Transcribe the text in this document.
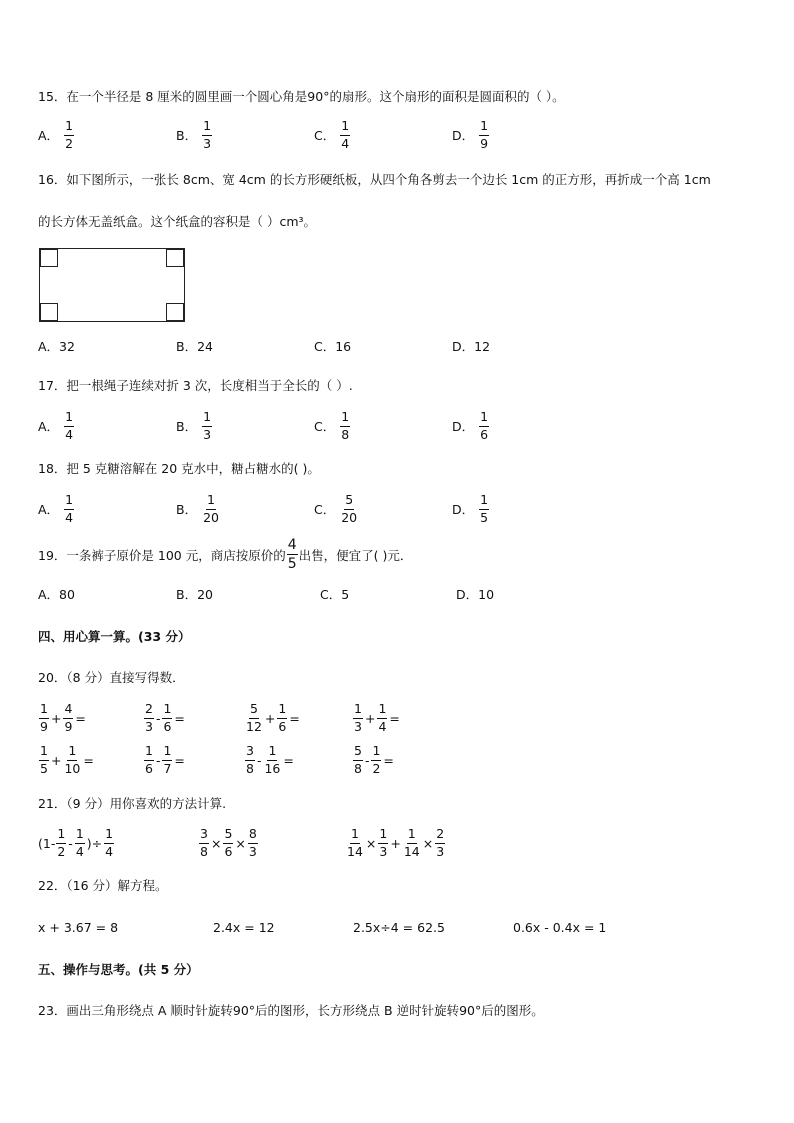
15．在一个半径是 8 厘米的圆里画一个圆心角是90°的扇形。这个扇形的面积是圆面积的（ ）。
A． $\frac{1}{2}$	B． $\frac{1}{3}$	C． $\frac{1}{4}$	D． $\frac{1}{9}$
16．如下图所示，一张长 8cm、宽 4cm 的长方形硬纸板，从四个角各剪去一个边长 1cm 的正方形，再折成一个高 1cm
的长方体无盖纸盒。这个纸盒的容积是（ ）cm³。
A．32	B．24	C．16	D．12
17．把一根绳子连续对折 3 次，长度相当于全长的（ ）.
A． $\frac{1}{4}$	B． $\frac{1}{3}$	C． $\frac{1}{8}$	D． $\frac{1}{6}$
18．把 5 克糖溶解在 20 克水中，糖占糖水的( )。
A． $\frac{1}{4}$	B． $\frac{1}{20}$	C． $\frac{5}{20}$	D． $\frac{1}{5}$
19．一条裤子原价是 100 元，商店按原价的 $\frac{4}{5}$ 出售，便宜了( )元．
A．80	B．20	C．5	D．10
四、用心算一算。(33 分）
20．（8 分）直接写得数．
$\frac{1}{9} + \frac{4}{9}$ =	$\frac{2}{3} - \frac{1}{6}$ =	$\frac{5}{12} + \frac{1}{6}$ =	$\frac{1}{3} + \frac{1}{4}$ =
$\frac{1}{5} + \frac{1}{10}$ =	$\frac{1}{6} - \frac{1}{7}$ =	$\frac{3}{8} - \frac{1}{16}$ =	$\frac{5}{8} - \frac{1}{2}$ =
21．（9 分）用你喜欢的方法计算.
($1- \frac{1}{2} - \frac{1}{4}$ )÷ $\frac{1}{4}$	$\frac{3}{8} \times \frac{5}{6} \times \frac{8}{3}$	$\frac{1}{14} \times \frac{1}{3} + \frac{1}{14} \times \frac{2}{3}$
22．（16 分）解方程。
x + 3.67 = 8	2.4x = 12	2.5x÷4 = 62.5	0.6x - 0.4x = 1
五、操作与思考。(共 5 分）
23．画出三角形绕点 A 顺时针旋转90°后的图形，长方形绕点 B 逆时针旋转90°后的图形。
